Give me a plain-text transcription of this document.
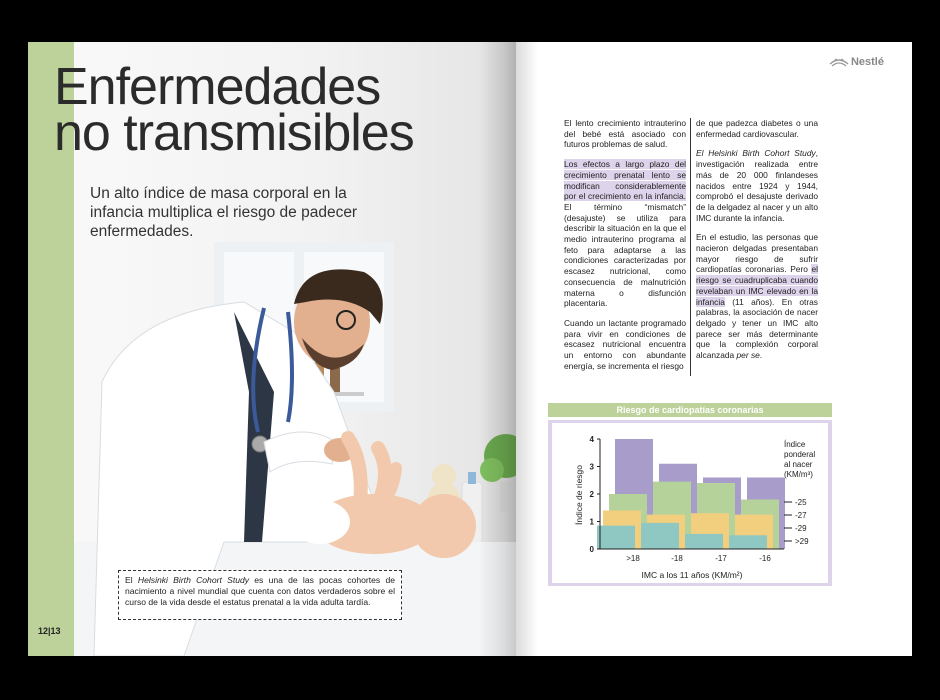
Enfermedades
no transmisibles

Un alto índice de masa corporal en la infancia multiplica el riesgo de padecer enfermedades.

El Helsinki Birth Cohort Study es una de las pocas cohortes de nacimiento a nivel mundial que cuenta con datos verdaderos sobre el curso de la vida desde el estatus prenatal a la vida adulta tardía.
12|13
Nestlé

El lento crecimiento intrauterino del bebé está asociado con futuros problemas de salud.

Los efectos a largo plazo del crecimiento prenatal lento se modifican considerablemente por el crecimiento en la infancia. El término “mismatch” (desajuste) se utiliza para describir la situación en la que el medio intrauterino programa al feto para adaptarse a las condiciones caracterizadas por escasez nutricional, como consecuencia de malnutrición materna o disfunción placentaria.

Cuando un lactante programado para vivir en condiciones de escasez nutricional encuentra un entorno con abundante energía, se incrementa el riesgo

de que padezca diabetes o una enfermedad cardiovascular.

El Helsinki Birth Cohort Study, investigación realizada entre más de 20 000 finlandeses nacidos entre 1924 y 1944, comprobó el desajuste derivado de la delgadez al nacer y un alto IMC durante la infancia.

En el estudio, las personas que nacieron delgadas presentaban mayor riesgo de sufrir cardiopatías coronarias. Pero el riesgo se cuadruplicaba cuando revelaban un IMC elevado en la infancia (11 años). En otras palabras, la asociación de nacer delgado y tener un IMC alto parece ser más determinante que la complexión corporal alcanzada per se.

Riesgo de cardiopatías coronarias
0
1
2
3
4
>18	-18	-17	-16
Índice
ponderal
al nacer
(KM/m³)
-25
-27
-29
>29
Índice de riesgo
IMC a los 11 años (KM/m²)
